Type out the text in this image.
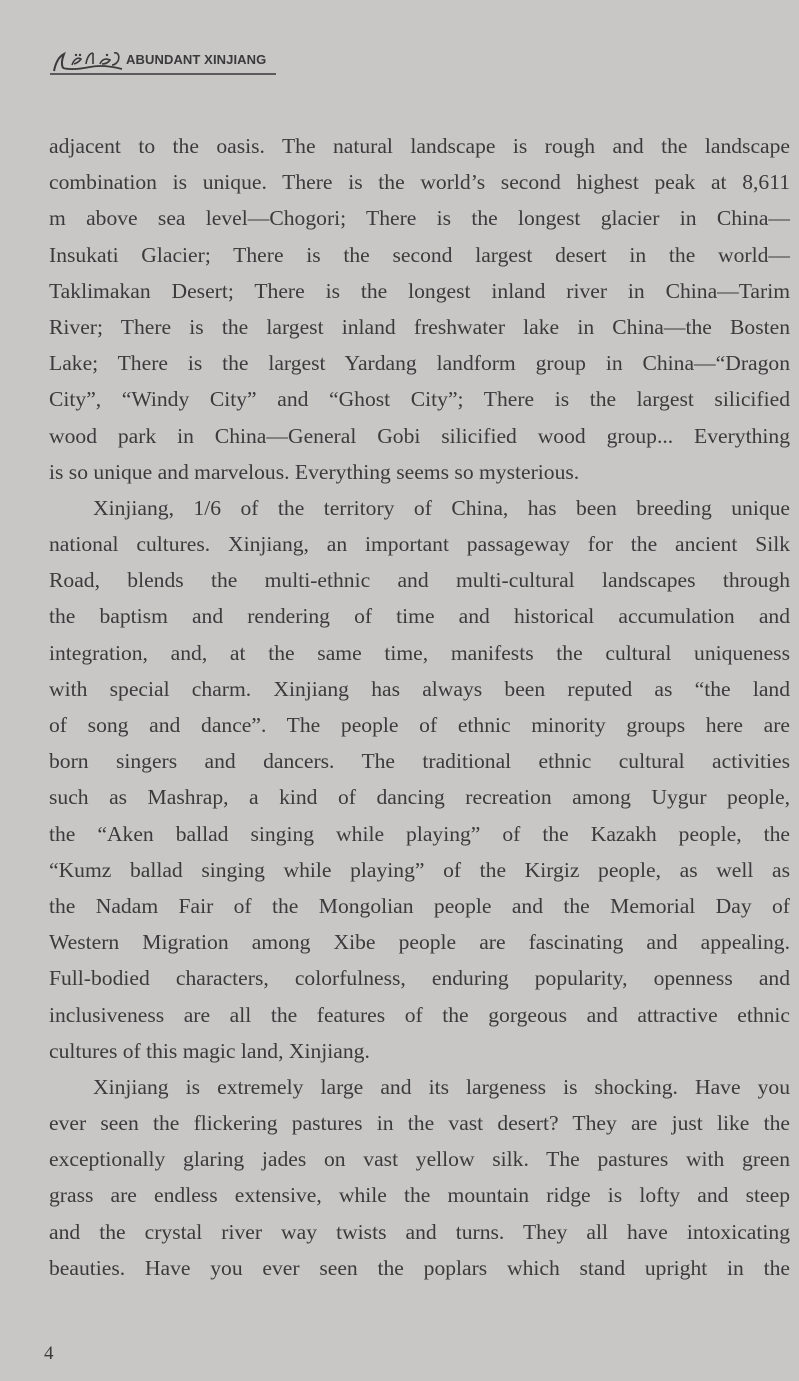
ABUNDANT XINJIANG
adjacent to the oasis. The natural landscape is rough and the landscape
combination is unique. There is the world’s second highest peak at 8,611
m above sea level—Chogori; There is the longest glacier in China—
Insukati Glacier; There is the second largest desert in the world—
Taklimakan Desert; There is the longest inland river in China—Tarim
River; There is the largest inland freshwater lake in China—the Bosten
Lake; There is the largest Yardang landform group in China—“Dragon
City”, “Windy City” and “Ghost City”; There is the largest silicified
wood park in China—General Gobi silicified wood group... Everything
is so unique and marvelous. Everything seems so mysterious.
Xinjiang, 1/6 of the territory of China, has been breeding unique
national cultures. Xinjiang, an important passageway for the ancient Silk
Road, blends the multi-ethnic and multi-cultural landscapes through
the baptism and rendering of time and historical accumulation and
integration, and, at the same time, manifests the cultural uniqueness
with special charm. Xinjiang has always been reputed as “the land
of song and dance”. The people of ethnic minority groups here are
born singers and dancers. The traditional ethnic cultural activities
such as Mashrap, a kind of dancing recreation among Uygur people,
the “Aken ballad singing while playing” of the Kazakh people, the
“Kumz ballad singing while playing” of the Kirgiz people, as well as
the Nadam Fair of the Mongolian people and the Memorial Day of
Western Migration among Xibe people are fascinating and appealing.
Full-bodied characters, colorfulness, enduring popularity, openness and
inclusiveness are all the features of the gorgeous and attractive ethnic
cultures of this magic land, Xinjiang.
Xinjiang is extremely large and its largeness is shocking. Have you
ever seen the flickering pastures in the vast desert? They are just like the
exceptionally glaring jades on vast yellow silk. The pastures with green
grass are endless extensive, while the mountain ridge is lofty and steep
and the crystal river way twists and turns. They all have intoxicating
beauties. Have you ever seen the poplars which stand upright in the
4
